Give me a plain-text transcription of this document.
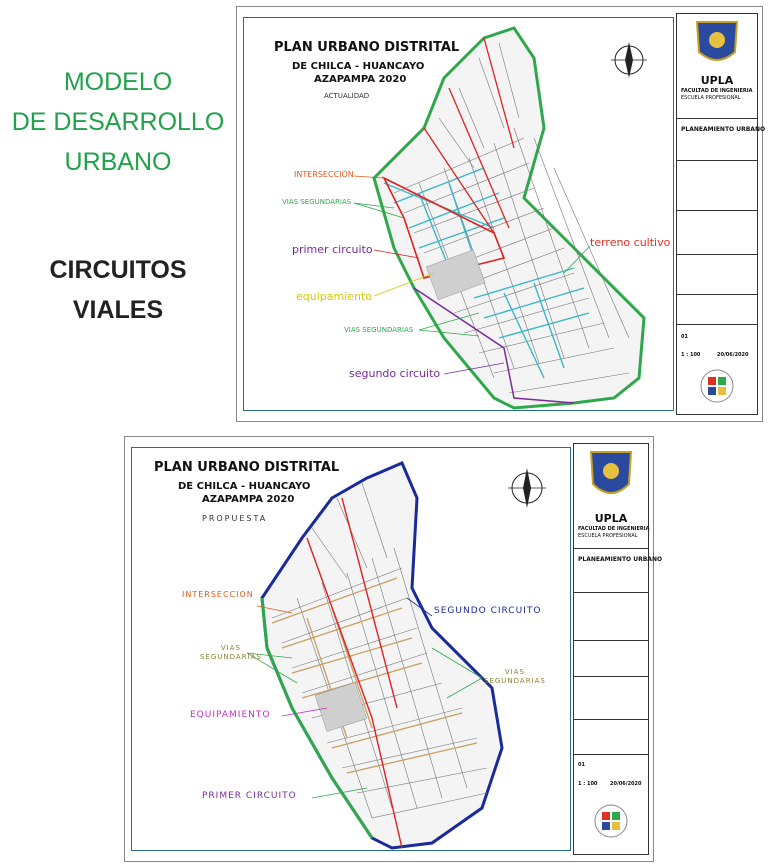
MODELO
DE DESARROLLO
URBANO
CIRCUITOS
VIALES
PLAN URBANO DISTRITAL
DE CHILCA - HUANCAYO
AZAPAMPA 2020
ACTUALIDAD
INTERSECCION
VIAS SEGUNDARIAS
primer circuito
equipamiento
VIAS SEGUNDARIAS
segundo circuito
terreno cultivo
UPLA
FACULTAD DE INGENIERIA
ESCUELA PROFESIONAL
PLANEAMIENTO URBANO
01
1 : 100	20/06/2020
PLAN URBANO DISTRITAL
DE CHILCA - HUANCAYO
AZAPAMPA 2020
PROPUESTA
INTERSECCION
SEGUNDO CIRCUITO
VIAS
SEGUNDARIAS
VIAS
SEGUNDARIAS
EQUIPAMIENTO
PRIMER CIRCUITO
UPLA
FACULTAD DE INGENIERIA
ESCUELA PROFESIONAL
PLANEAMIENTO URBANO
01
1 : 100	20/06/2020
